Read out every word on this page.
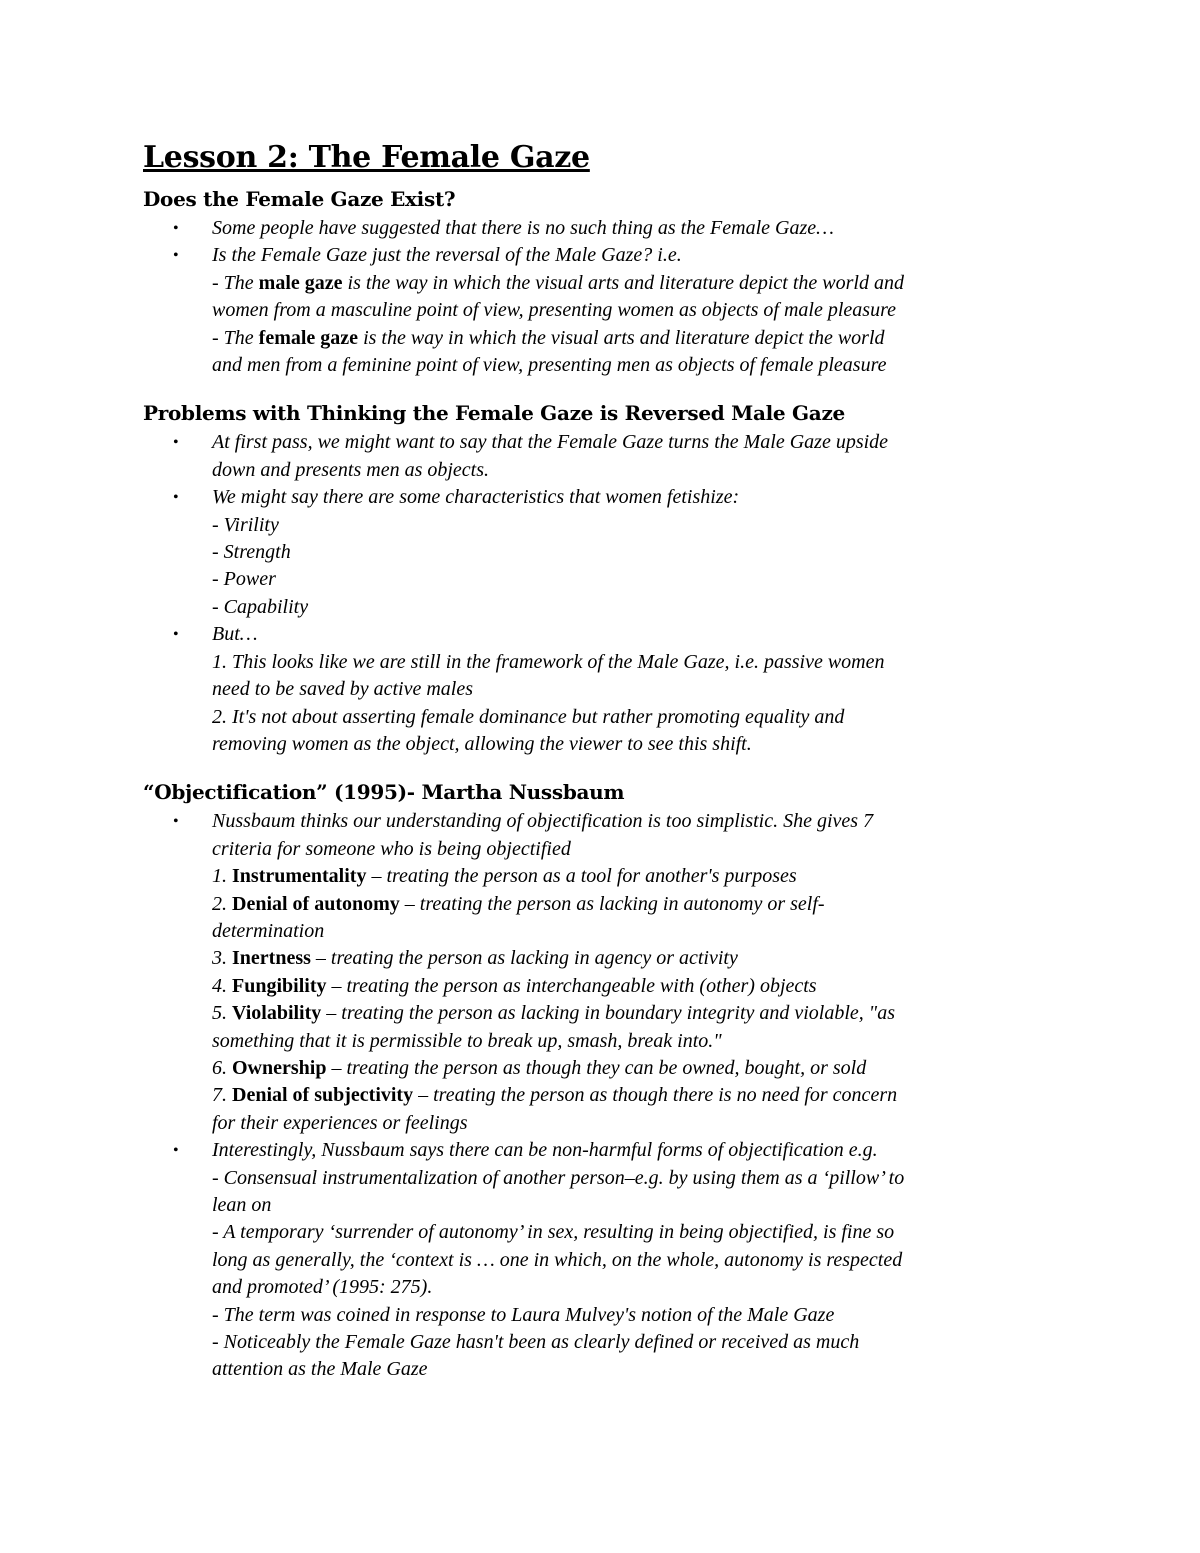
Lesson 2: The Female Gaze
Does the Female Gaze Exist?
• Some people have suggested that there is no such thing as the Female Gaze…
• Is the Female Gaze just the reversal of the Male Gaze? i.e.
- The male gaze is the way in which the visual arts and literature depict the world and
women from a masculine point of view, presenting women as objects of male pleasure
- The female gaze is the way in which the visual arts and literature depict the world
and men from a feminine point of view, presenting men as objects of female pleasure
Problems with Thinking the Female Gaze is Reversed Male Gaze
• At first pass, we might want to say that the Female Gaze turns the Male Gaze upside
down and presents men as objects.
• We might say there are some characteristics that women fetishize:
- Virility
- Strength
- Power
- Capability
• But…
1. This looks like we are still in the framework of the Male Gaze, i.e. passive women
need to be saved by active males
2. It's not about asserting female dominance but rather promoting equality and
removing women as the object, allowing the viewer to see this shift.
“Objectification” (1995)- Martha Nussbaum
• Nussbaum thinks our understanding of objectification is too simplistic. She gives 7
criteria for someone who is being objectified
1. Instrumentality – treating the person as a tool for another's purposes
2. Denial of autonomy – treating the person as lacking in autonomy or self-
determination
3. Inertness – treating the person as lacking in agency or activity
4. Fungibility – treating the person as interchangeable with (other) objects
5. Violability – treating the person as lacking in boundary integrity and violable, "as
something that it is permissible to break up, smash, break into."
6. Ownership – treating the person as though they can be owned, bought, or sold
7. Denial of subjectivity – treating the person as though there is no need for concern
for their experiences or feelings
• Interestingly, Nussbaum says there can be non-harmful forms of objectification e.g.
- Consensual instrumentalization of another person–e.g. by using them as a ‘pillow’ to
lean on
- A temporary ‘surrender of autonomy’ in sex, resulting in being objectified, is fine so
long as generally, the ‘context is … one in which, on the whole, autonomy is respected
and promoted’ (1995: 275).
- The term was coined in response to Laura Mulvey's notion of the Male Gaze
- Noticeably the Female Gaze hasn't been as clearly defined or received as much
attention as the Male Gaze
